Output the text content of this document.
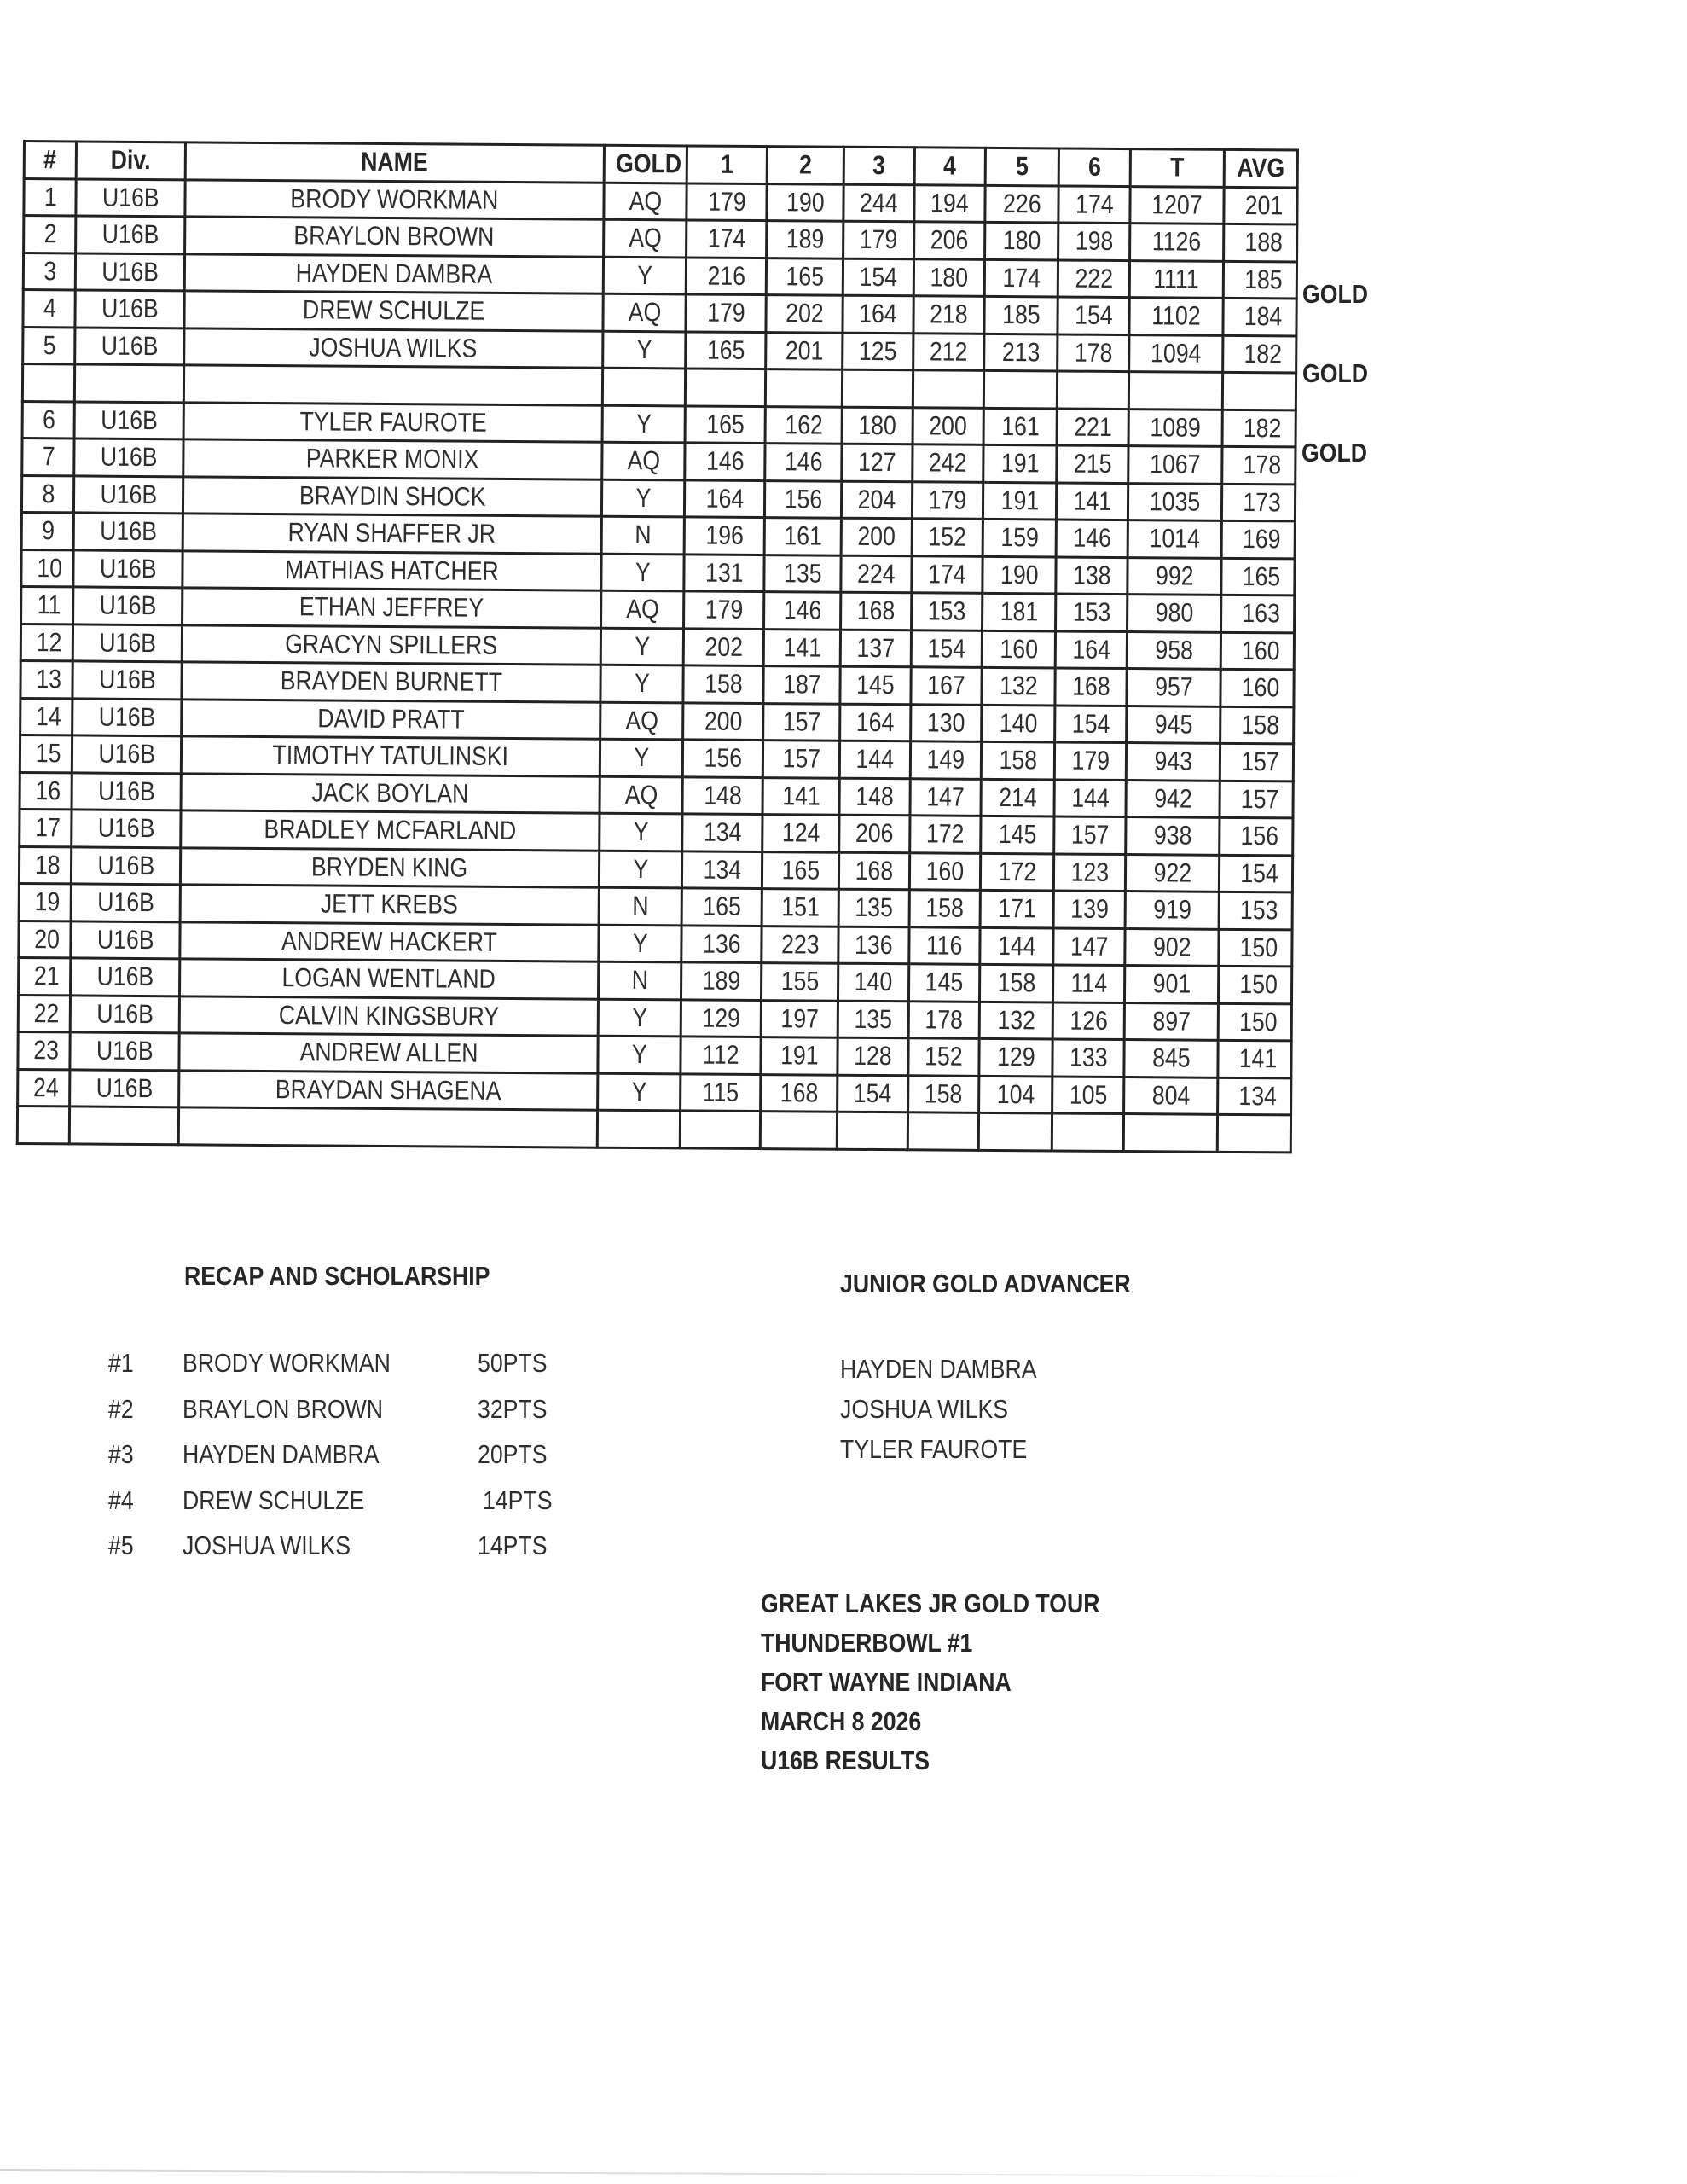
#	Div.	NAME	GOLD	1	2	3	4	5	6	T	AVG
1	U16B	BRODY WORKMAN	AQ	179	190	244	194	226	174	1207	201
2	U16B	BRAYLON BROWN	AQ	174	189	179	206	180	198	1126	188
3	U16B	HAYDEN DAMBRA	Y	216	165	154	180	174	222	1111	185
4	U16B	DREW SCHULZE	AQ	179	202	164	218	185	154	1102	184
5	U16B	JOSHUA WILKS	Y	165	201	125	212	213	178	1094	182

6	U16B	TYLER FAUROTE	Y	165	162	180	200	161	221	1089	182
7	U16B	PARKER MONIX	AQ	146	146	127	242	191	215	1067	178
8	U16B	BRAYDIN SHOCK	Y	164	156	204	179	191	141	1035	173
9	U16B	RYAN SHAFFER JR	N	196	161	200	152	159	146	1014	169
10	U16B	MATHIAS HATCHER	Y	131	135	224	174	190	138	992	165
11	U16B	ETHAN JEFFREY	AQ	179	146	168	153	181	153	980	163
12	U16B	GRACYN SPILLERS	Y	202	141	137	154	160	164	958	160
13	U16B	BRAYDEN BURNETT	Y	158	187	145	167	132	168	957	160
14	U16B	DAVID PRATT	AQ	200	157	164	130	140	154	945	158
15	U16B	TIMOTHY TATULINSKI	Y	156	157	144	149	158	179	943	157
16	U16B	JACK BOYLAN	AQ	148	141	148	147	214	144	942	157
17	U16B	BRADLEY MCFARLAND	Y	134	124	206	172	145	157	938	156
18	U16B	BRYDEN KING	Y	134	165	168	160	172	123	922	154
19	U16B	JETT KREBS	N	165	151	135	158	171	139	919	153
20	U16B	ANDREW HACKERT	Y	136	223	136	116	144	147	902	150
21	U16B	LOGAN WENTLAND	N	189	155	140	145	158	114	901	150
22	U16B	CALVIN KINGSBURY	Y	129	197	135	178	132	126	897	150
23	U16B	ANDREW ALLEN	Y	112	191	128	152	129	133	845	141
24	U16B	BRAYDAN SHAGENA	Y	115	168	154	158	104	105	804	134

GOLD
GOLD
GOLD
RECAP AND SCHOLARSHIP
#1 BRODY WORKMAN	50PTS
#2 BRAYLON BROWN	32PTS
#3 HAYDEN DAMBRA	20PTS
#4 DREW SCHULZE	14PTS
#5 JOSHUA WILKS	14PTS
JUNIOR GOLD ADVANCER
HAYDEN DAMBRA
JOSHUA WILKS
TYLER FAUROTE
GREAT LAKES JR GOLD TOUR
THUNDERBOWL #1
FORT WAYNE INDIANA
MARCH 8 2026
U16B RESULTS
